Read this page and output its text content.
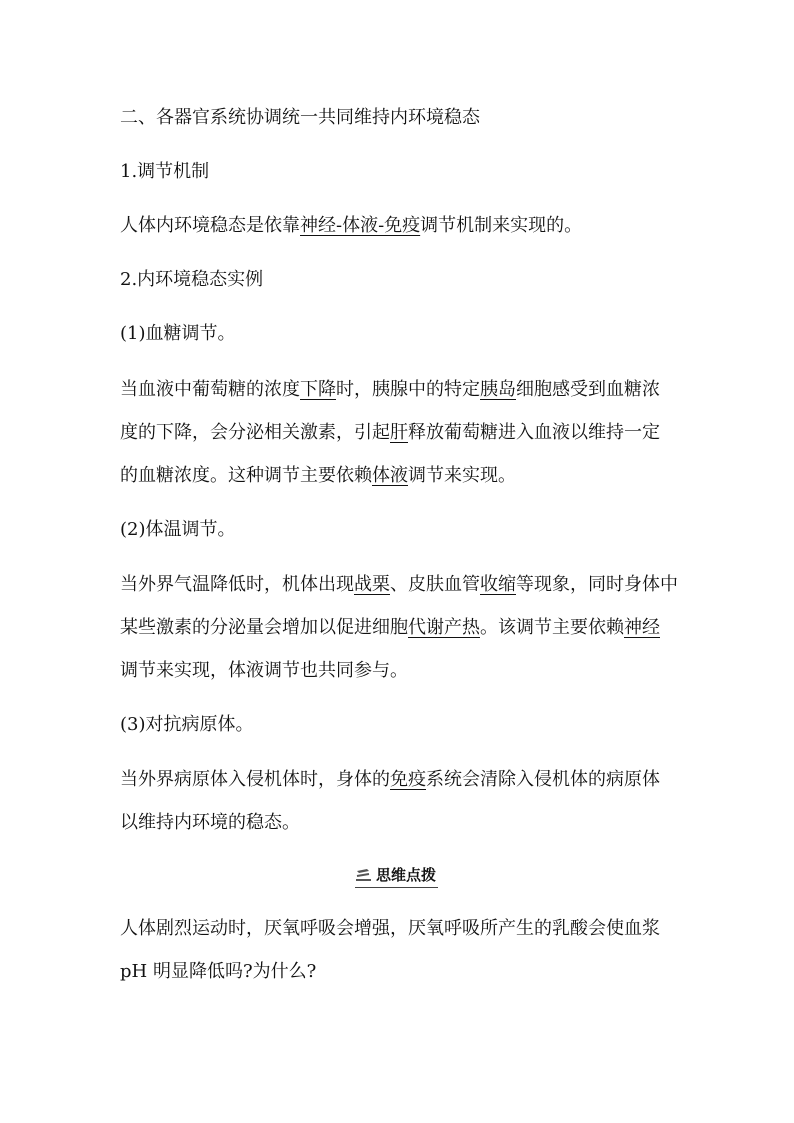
二、各器官系统协调统一共同维持内环境稳态
1.调节机制
人体内环境稳态是依靠神经-体液-免疫调节机制来实现的。
2.内环境稳态实例
(1)血糖调节。
当血液中葡萄糖的浓度下降时，胰腺中的特定胰岛细胞感受到血糖浓
度的下降，会分泌相关激素，引起肝释放葡萄糖进入血液以维持一定
的血糖浓度。这种调节主要依赖体液调节来实现。
(2)体温调节。
当外界气温降低时，机体出现战栗、皮肤血管收缩等现象，同时身体中
某些激素的分泌量会增加以促进细胞代谢产热。该调节主要依赖神经
调节来实现，体液调节也共同参与。
(3)对抗病原体。
当外界病原体入侵机体时，身体的免疫系统会清除入侵机体的病原体
以维持内环境的稳态。
思维点拨
人体剧烈运动时，厌氧呼吸会增强，厌氧呼吸所产生的乳酸会使血浆
pH 明显降低吗?为什么?
